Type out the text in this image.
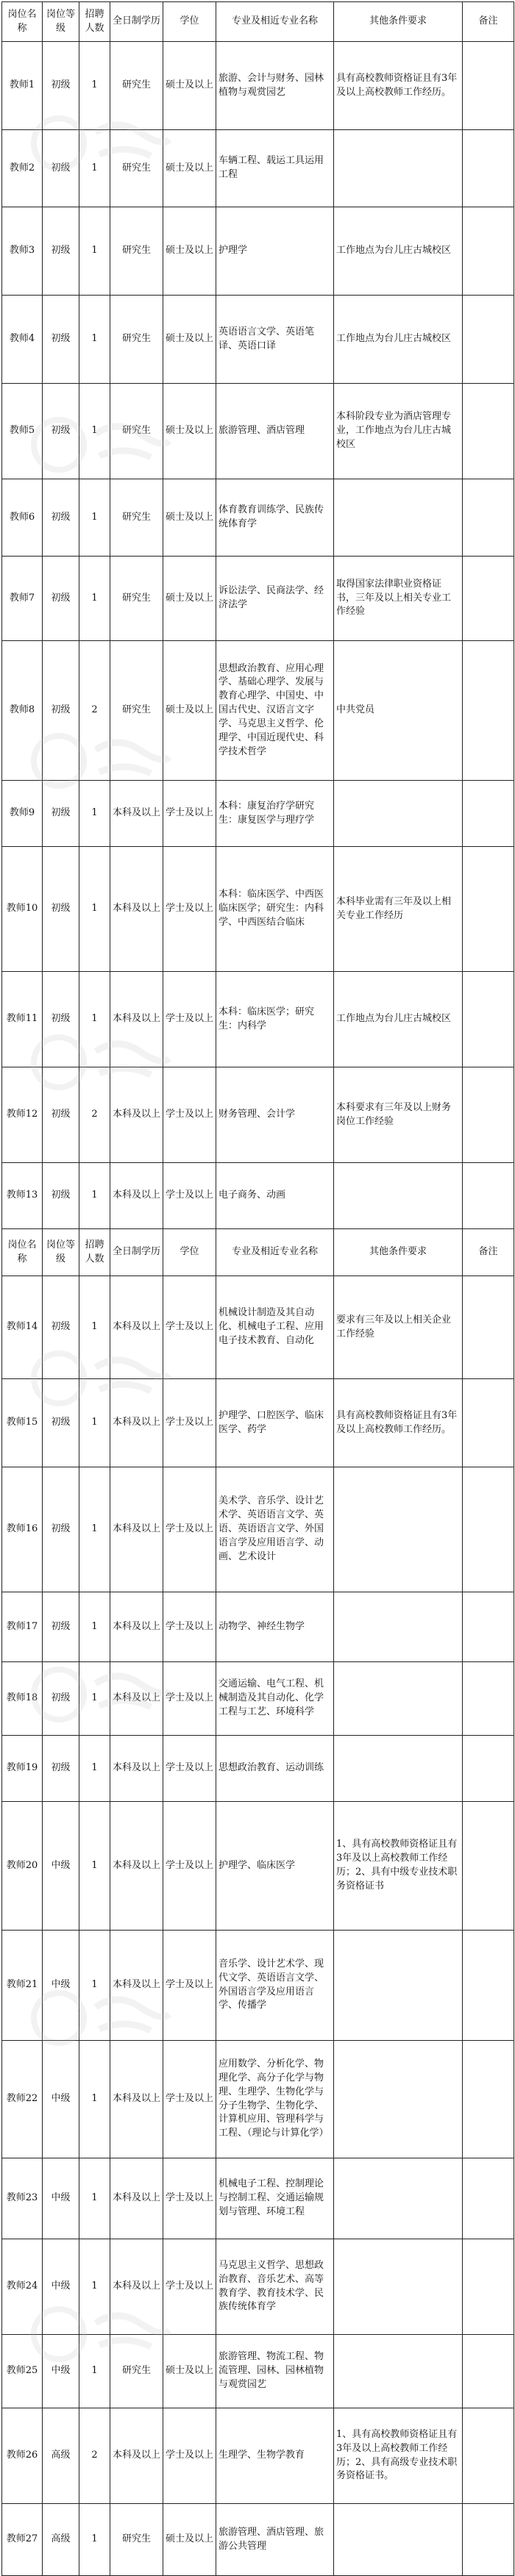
岗位名称	岗位等级	招聘人数	全日制学历	学位	专业及相近专业名称	其他条件要求	备注
教师1	初级	1	研究生	硕士及以上	旅游、会计与财务、园林植物与观赏园艺	具有高校教师资格证且有3年及以上高校教师工作经历。	
教师2	初级	1	研究生	硕士及以上	车辆工程、载运工具运用工程		
教师3	初级	1	研究生	硕士及以上	护理学	工作地点为台儿庄古城校区	
教师4	初级	1	研究生	硕士及以上	英语语言文学、英语笔译、英语口译	工作地点为台儿庄古城校区	
教师5	初级	1	研究生	硕士及以上	旅游管理、酒店管理	本科阶段专业为酒店管理专业，工作地点为台儿庄古城校区	
教师6	初级	1	研究生	硕士及以上	体育教育训练学、民族传统体育学		
教师7	初级	1	研究生	硕士及以上	诉讼法学、民商法学、经济法学	取得国家法律职业资格证书，三年及以上相关专业工作经验	
教师8	初级	2	研究生	硕士及以上	思想政治教育、应用心理学、基础心理学、发展与教育心理学、中国史、中国古代史、汉语言文字学、马克思主义哲学、伦理学、中国近现代史、科学技术哲学	中共党员	
教师9	初级	1	本科及以上	学士及以上	本科：康复治疗学研究生：康复医学与理疗学		
教师10	初级	1	本科及以上	学士及以上	本科：临床医学、中西医临床医学；研究生：内科学、中西医结合临床	本科毕业需有三年及以上相关专业工作经历	
教师11	初级	1	本科及以上	学士及以上	本科：临床医学；研究生：内科学	工作地点为台儿庄古城校区	
教师12	初级	2	本科及以上	学士及以上	财务管理、会计学	本科要求有三年及以上财务岗位工作经验	
教师13	初级	1	本科及以上	学士及以上	电子商务、动画		
岗位名称	岗位等级	招聘人数	全日制学历	学位	专业及相近专业名称	其他条件要求	备注
教师14	初级	1	本科及以上	学士及以上	机械设计制造及其自动化、机械电子工程、应用电子技术教育、自动化	要求有三年及以上相关企业工作经验	
教师15	初级	1	本科及以上	学士及以上	护理学、口腔医学、临床医学、药学	具有高校教师资格证且有3年及以上高校教师工作经历。	
教师16	初级	1	本科及以上	学士及以上	美术学、音乐学、设计艺术学、英语语言文学、英语、英语语言文学、外国语言学及应用语言学、动画、艺术设计		
教师17	初级	1	本科及以上	学士及以上	动物学、神经生物学		
教师18	初级	1	本科及以上	学士及以上	交通运输、电气工程、机械制造及其自动化、化学工程与工艺、环境科学		
教师19	初级	1	本科及以上	学士及以上	思想政治教育、运动训练		
教师20	中级	1	本科及以上	学士及以上	护理学、临床医学	1、具有高校教师资格证且有3年及以上高校教师工作经历；2、具有中级专业技术职务资格证书	
教师21	中级	1	本科及以上	学士及以上	音乐学、设计艺术学、现代文学、英语语言文学、外国语言学及应用语言学、传播学		
教师22	中级	1	本科及以上	学士及以上	应用数学、分析化学、物理化学、高分子化学与物理、生理学、生物化学与分子生物学、生物化学、计算机应用、管理科学与工程、（理论与计算化学）		
教师23	中级	1	本科及以上	学士及以上	机械电子工程、控制理论与控制工程、交通运输规划与管理、环境工程		
教师24	中级	1	本科及以上	学士及以上	马克思主义哲学、思想政治教育、音乐艺术、高等教育学、教育技术学、民族传统体育学		
教师25	中级	1	研究生	硕士及以上	旅游管理、物流工程、物流管理、园林、园林植物与观赏园艺		
教师26	高级	2	本科及以上	学士及以上	生理学、生物学教育	1、具有高校教师资格证且有3年及以上高校教师工作经历；2、具有高级专业技术职务资格证书。	
教师27	高级	1	研究生	硕士及以上	旅游管理、酒店管理、旅游公共管理		
